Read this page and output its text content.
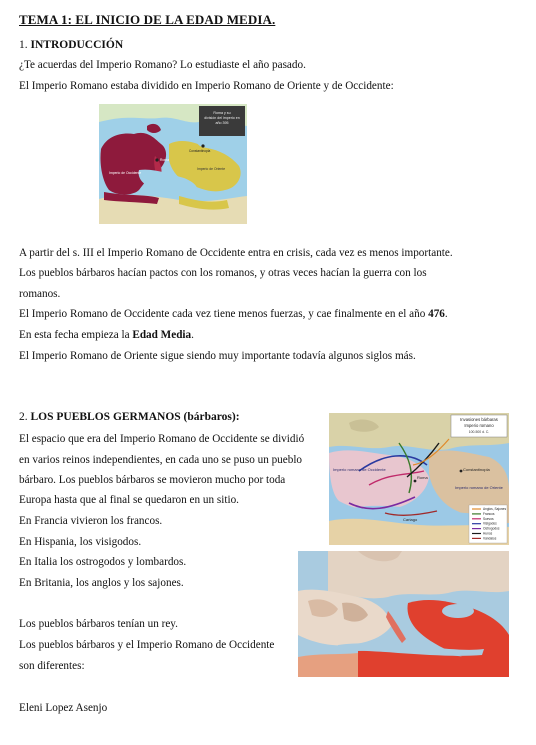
TEMA 1: EL INICIO DE LA EDAD MEDIA.
1. INTRODUCCIÓN
¿Te acuerdas del Imperio Romano? Lo estudiaste el año pasado.
El Imperio Romano estaba dividido en Imperio Romano de Oriente y de Occidente:
Roma y su
división del imperio en
año 395
Imperio de Occidente
Imperio de Oriente
Roma
Constantinopla
A partir del s. III el Imperio Romano de Occidente entra en crisis, cada vez es menos importante.
Los pueblos bárbaros hacían pactos con los romanos, y otras veces hacían la guerra con los
romanos.
El Imperio Romano de Occidente cada vez tiene menos fuerzas, y cae finalmente en el año 476.
En esta fecha empieza la Edad Media.
El Imperio Romano de Oriente sigue siendo muy importante todavía algunos siglos más.
2. LOS PUEBLOS GERMANOS (bárbaros):
El espacio que era del Imperio Romano de Occidente se dividió
en varios reinos independientes, en cada uno se puso un pueblo
bárbaro. Los pueblos bárbaros se movieron mucho por toda
Europa hasta que al final se quedaron en un sitio.
En Francia vivieron los francos.
En Hispania, los visigodos.
En Italia los ostrogodos y lombardos.
En Britania, los anglos y los sajones.
Los pueblos bárbaros tenían un rey.
Los pueblos bárbaros y el Imperio Romano de Occidente
son diferentes:
Eleni Lopez Asenjo
Invasiones bárbaras
Imperio romano
100-500 d. C.
Imperio romano de Occidente
Imperio romano de Oriente
Roma
Constantinopla
Cartago
Anglos, Sajones
Francos
Suevos
Visigodos
Ostrogodos
Hunos
Vándalos
